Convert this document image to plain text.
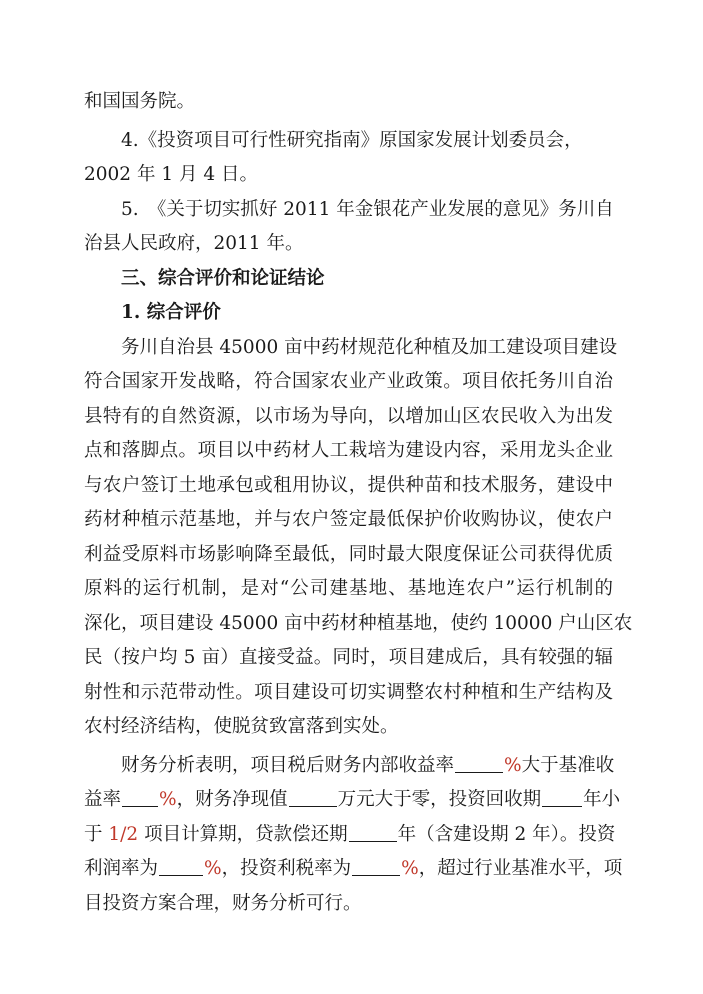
和国国务院。

4.《投资项目可行性研究指南》原国家发展计划委员会，

2002 年 1 月 4 日。

5.　《关于切实抓好 2011 年金银花产业发展的意见》务川自

治县人民政府，2011 年。

三、综合评价和论证结论

1. 综合评价

务川自治县 45000 亩中药材规范化种植及加工建设项目建设

符合国家开发战略，符合国家农业产业政策。项目依托务川自治

县特有的自然资源，以市场为导向，以增加山区农民收入为出发

点和落脚点。项目以中药材人工栽培为建设内容，采用龙头企业

与农户签订土地承包或租用协议，提供种苗和技术服务，建设中

药材种植示范基地，并与农户签定最低保护价收购协议，使农户

利益受原料市场影响降至最低，同时最大限度保证公司获得优质

原料的运行机制，是对“公司建基地、基地连农户”运行机制的

深化，项目建设 45000 亩中药材种植基地，使约 10000 户山区农

民（按户均 5 亩）直接受益。同时，项目建成后，具有较强的辐

射性和示范带动性。项目建设可切实调整农村种植和生产结构及

农村经济结构，使脱贫致富落到实处。

财务分析表明，项目税后财务内部收益率	%大于基准收

益率 %，财务净现值	万元大于零，投资回收期 年小

于 1/2 项目计算期，贷款偿还期	年（含建设期 2 年）。投资

利润率为 %，投资利税率为	%，超过行业基准水平，项

目投资方案合理，财务分析可行。
